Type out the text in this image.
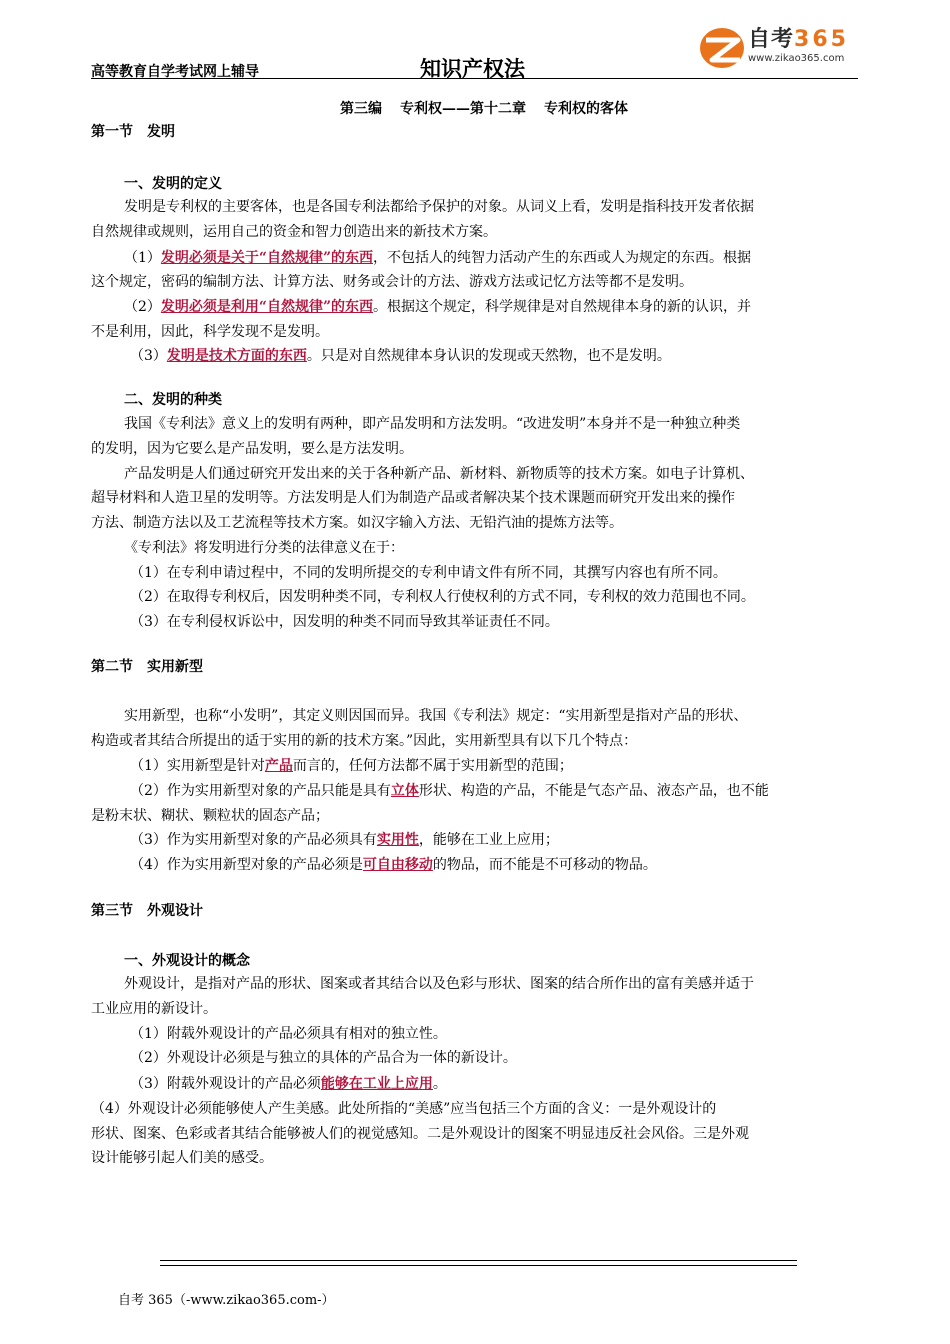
高等教育自学考试网上辅导	知识产权法
自考365
www.zikao365.com
第三编 专利权——第十二章 专利权的客体
第一节　发明
一、发明的定义
发明是专利权的主要客体，也是各国专利法都给予保护的对象。从词义上看，发明是指科技开发者依据
自然规律或规则，运用自己的资金和智力创造出来的新技术方案。
（1）发明必须是关于“自然规律”的东西，不包括人的纯智力活动产生的东西或人为规定的东西。根据
这个规定，密码的编制方法、计算方法、财务或会计的方法、游戏方法或记忆方法等都不是发明。
（2）发明必须是利用“自然规律”的东西。根据这个规定，科学规律是对自然规律本身的新的认识，并
不是利用，因此，科学发现不是发明。
（3）发明是技术方面的东西。只是对自然规律本身认识的发现或天然物，也不是发明。
二、发明的种类
我国《专利法》意义上的发明有两种，即产品发明和方法发明。“改进发明”本身并不是一种独立种类
的发明，因为它要么是产品发明，要么是方法发明。
产品发明是人们通过研究开发出来的关于各种新产品、新材料、新物质等的技术方案。如电子计算机、
超导材料和人造卫星的发明等。方法发明是人们为制造产品或者解决某个技术课题而研究开发出来的操作
方法、制造方法以及工艺流程等技术方案。如汉字输入方法、无铅汽油的提炼方法等。
《专利法》将发明进行分类的法律意义在于：
（1）在专利申请过程中，不同的发明所提交的专利申请文件有所不同，其撰写内容也有所不同。
（2）在取得专利权后，因发明种类不同，专利权人行使权利的方式不同，专利权的效力范围也不同。
（3）在专利侵权诉讼中，因发明的种类不同而导致其举证责任不同。
第二节　实用新型
实用新型，也称“小发明”，其定义则因国而异。我国《专利法》规定：“实用新型是指对产品的形状、
构造或者其结合所提出的适于实用的新的技术方案。”因此，实用新型具有以下几个特点：
（1）实用新型是针对产品而言的，任何方法都不属于实用新型的范围；
（2）作为实用新型对象的产品只能是具有立体形状、构造的产品，不能是气态产品、液态产品，也不能
是粉末状、糊状、颗粒状的固态产品；
（3）作为实用新型对象的产品必须具有实用性，能够在工业上应用；
（4）作为实用新型对象的产品必须是可自由移动的物品，而不能是不可移动的物品。
第三节　外观设计
一、外观设计的概念
外观设计，是指对产品的形状、图案或者其结合以及色彩与形状、图案的结合所作出的富有美感并适于
工业应用的新设计。
（1）附载外观设计的产品必须具有相对的独立性。
（2）外观设计必须是与独立的具体的产品合为一体的新设计。
（3）附载外观设计的产品必须能够在工业上应用。
（4）外观设计必须能够使人产生美感。此处所指的“美感”应当包括三个方面的含义：一是外观设计的
形状、图案、色彩或者其结合能够被人们的视觉感知。二是外观设计的图案不明显违反社会风俗。三是外观
设计能够引起人们美的感受。
自考 365（-www.zikao365.com-）
